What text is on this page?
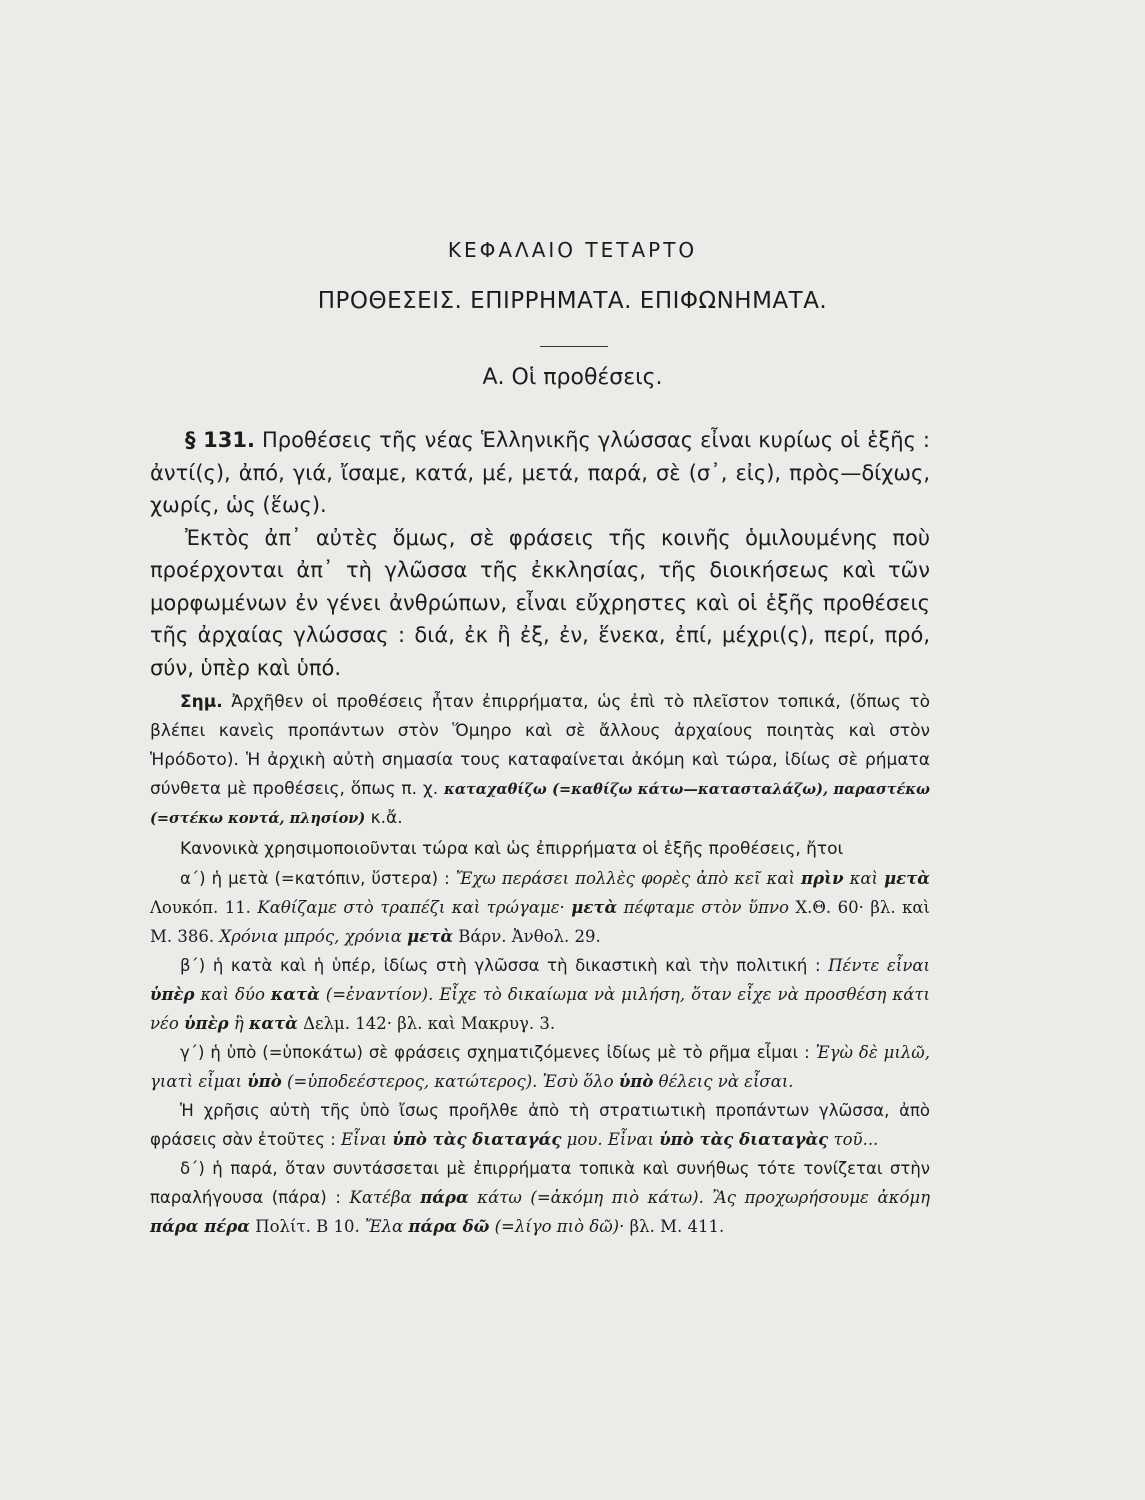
ΚΕΦΑΛΑΙΟ ΤΕΤΑΡΤΟ
ΠΡΟΘΕΣΕΙΣ. ΕΠΙΡΡΗΜΑΤΑ. ΕΠΙΦΩΝΗΜΑΤΑ.
Α. Οἱ προθέσεις.

§ 131. Προθέσεις τῆς νέας Ἑλληνικῆς γλώσσας εἶναι κυρίως οἱ ἑξῆς : ἀντί(ς), ἀπό, γιά, ἴσαμε, κατά, μέ, μετά, παρά, σὲ (σ᾽, εἰς), πρὸς—δίχως, χωρίς, ὡς (ἕως).

Ἐκτὸς ἀπ᾽ αὐτὲς ὅμως, σὲ φράσεις τῆς κοινῆς ὁμιλουμένης ποὺ προέρχονται ἀπ᾽ τὴ γλῶσσα τῆς ἐκκλησίας, τῆς διοικήσεως καὶ τῶν μορφωμένων ἐν γένει ἀνθρώπων, εἶναι εὔχρηστες καὶ οἱ ἑξῆς προθέσεις τῆς ἀρχαίας γλώσσας : διά, ἐκ ἢ ἐξ, ἐν, ἕνεκα, ἐπί, μέχρι(ς), περί, πρό, σύν, ὑπὲρ καὶ ὑπό.

Σημ. Ἀρχῆθεν οἱ προθέσεις ἦταν ἐπιρρήματα, ὡς ἐπὶ τὸ πλεῖστον τοπικά, (ὅπως τὸ βλέπει κανεὶς προπάντων στὸν Ὅμηρο καὶ σὲ ἄλλους ἀρχαίους ποιητὰς καὶ στὸν Ἡρόδοτο). Ἡ ἀρχικὴ αὐτὴ σημασία τους καταφαίνεται ἀκόμη καὶ τώρα, ἰδίως σὲ ρήματα σύνθετα μὲ προθέσεις, ὅπως π. χ. καταχαθίζω (=καθίζω κάτω—κατασταλάζω), παραστέκω (=στέκω κοντά, πλησίον) κ.ἄ.

Κανονικὰ χρησιμοποιοῦνται τώρα καὶ ὡς ἐπιρρήματα οἱ ἑξῆς προθέσεις, ἤτοι

α΄) ἡ μετὰ (=κατόπιν, ὕστερα) : Ἔχω περάσει πολλὲς φορὲς ἀπὸ κεῖ καὶ πρὶν καὶ μετὰ Λουκόπ. 11. Καθίζαμε στὸ τραπέζι καὶ τρώγαμε· μετὰ πέφταμε στὸν ὕπνο Χ.Θ. 60· βλ. καὶ Μ. 386. Χρόνια μπρός, χρόνια μετὰ Βάρν. Ἀνθολ. 29.

β΄) ἡ κατὰ καὶ ἡ ὑπέρ, ἰδίως στὴ γλῶσσα τὴ δικαστικὴ καὶ τὴν πολιτική : Πέντε εἶναι ὑπὲρ καὶ δύο κατὰ (=ἐναντίον). Εἶχε τὸ δικαίωμα νὰ μιλήση, ὅταν εἶχε νὰ προσθέση κάτι νέο ὑπὲρ ἢ κατὰ Δελμ. 142· βλ. καὶ Μακρυγ. 3.

γ΄) ἡ ὑπὸ (=ὑποκάτω) σὲ φράσεις σχηματιζόμενες ἰδίως μὲ τὸ ρῆμα εἶμαι : Ἐγὼ δὲ μιλῶ, γιατὶ εἶμαι ὑπὸ (=ὑποδεέστερος, κατώτερος). Ἐσὺ ὅλο ὑπὸ θέλεις νὰ εἶσαι.

Ἡ χρῆσις αὐτὴ τῆς ὑπὸ ἴσως προῆλθε ἀπὸ τὴ στρατιωτικὴ προπάντων γλῶσσα, ἀπὸ φράσεις σὰν ἐτοῦτες : Εἶναι ὑπὸ τὰς διαταγάς μου. Εἶναι ὑπὸ τὰς διαταγὰς τοῦ...

δ΄) ἡ παρά, ὅταν συντάσσεται μὲ ἐπιρρήματα τοπικὰ καὶ συνήθως τότε τονίζεται στὴν παραλήγουσα (πάρα) : Κατέβα πάρα κάτω (=ἀκόμη πιὸ κάτω). Ἂς προχωρήσουμε ἀκόμη πάρα πέρα Πολίτ. Β 10. Ἔλα πάρα δῶ (=λίγο πιὸ δῶ)· βλ. Μ. 411.
